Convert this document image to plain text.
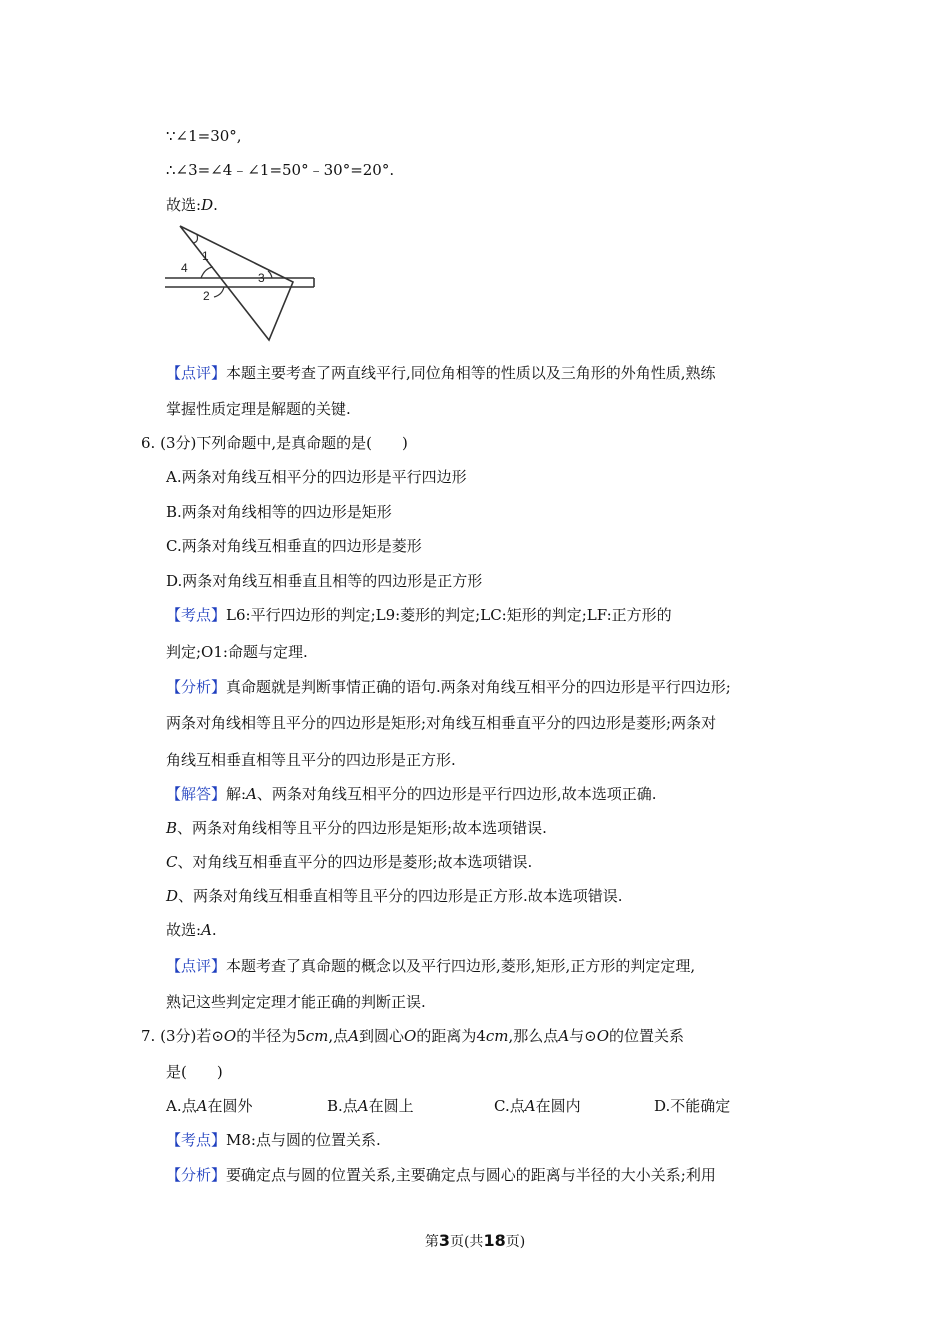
∵∠1=30°,
∴∠3=∠4﹣∠1=50°﹣30°=20°.
故选:D.
1
4
3
2
【点评】本题主要考查了两直线平行,同位角相等的性质以及三角形的外角性质,熟练
掌握性质定理是解题的关键.
6. (3分)下列命题中,是真命题的是(　　)
A.两条对角线互相平分的四边形是平行四边形
B.两条对角线相等的四边形是矩形
C.两条对角线互相垂直的四边形是菱形
D.两条对角线互相垂直且相等的四边形是正方形
【考点】L6:平行四边形的判定;L9:菱形的判定;LC:矩形的判定;LF:正方形的
判定;O1:命题与定理.
【分析】真命题就是判断事情正确的语句.两条对角线互相平分的四边形是平行四边形;
两条对角线相等且平分的四边形是矩形;对角线互相垂直平分的四边形是菱形;两条对
角线互相垂直相等且平分的四边形是正方形.
【解答】解:A、两条对角线互相平分的四边形是平行四边形,故本选项正确.
B、两条对角线相等且平分的四边形是矩形;故本选项错误.
C、对角线互相垂直平分的四边形是菱形;故本选项错误.
D、两条对角线互相垂直相等且平分的四边形是正方形.故本选项错误.
故选:A.
【点评】本题考查了真命题的概念以及平行四边形,菱形,矩形,正方形的判定定理,
熟记这些判定定理才能正确的判断正误.
7. (3分)若⊙O的半径为5cm,点A到圆心O的距离为4cm,那么点A与⊙O的位置关系
是(　　)
A.点A在圆外	B.点A在圆上	C.点A在圆内	D.不能确定
【考点】M8:点与圆的位置关系.
【分析】要确定点与圆的位置关系,主要确定点与圆心的距离与半径的大小关系;利用
第3页(共18页)
